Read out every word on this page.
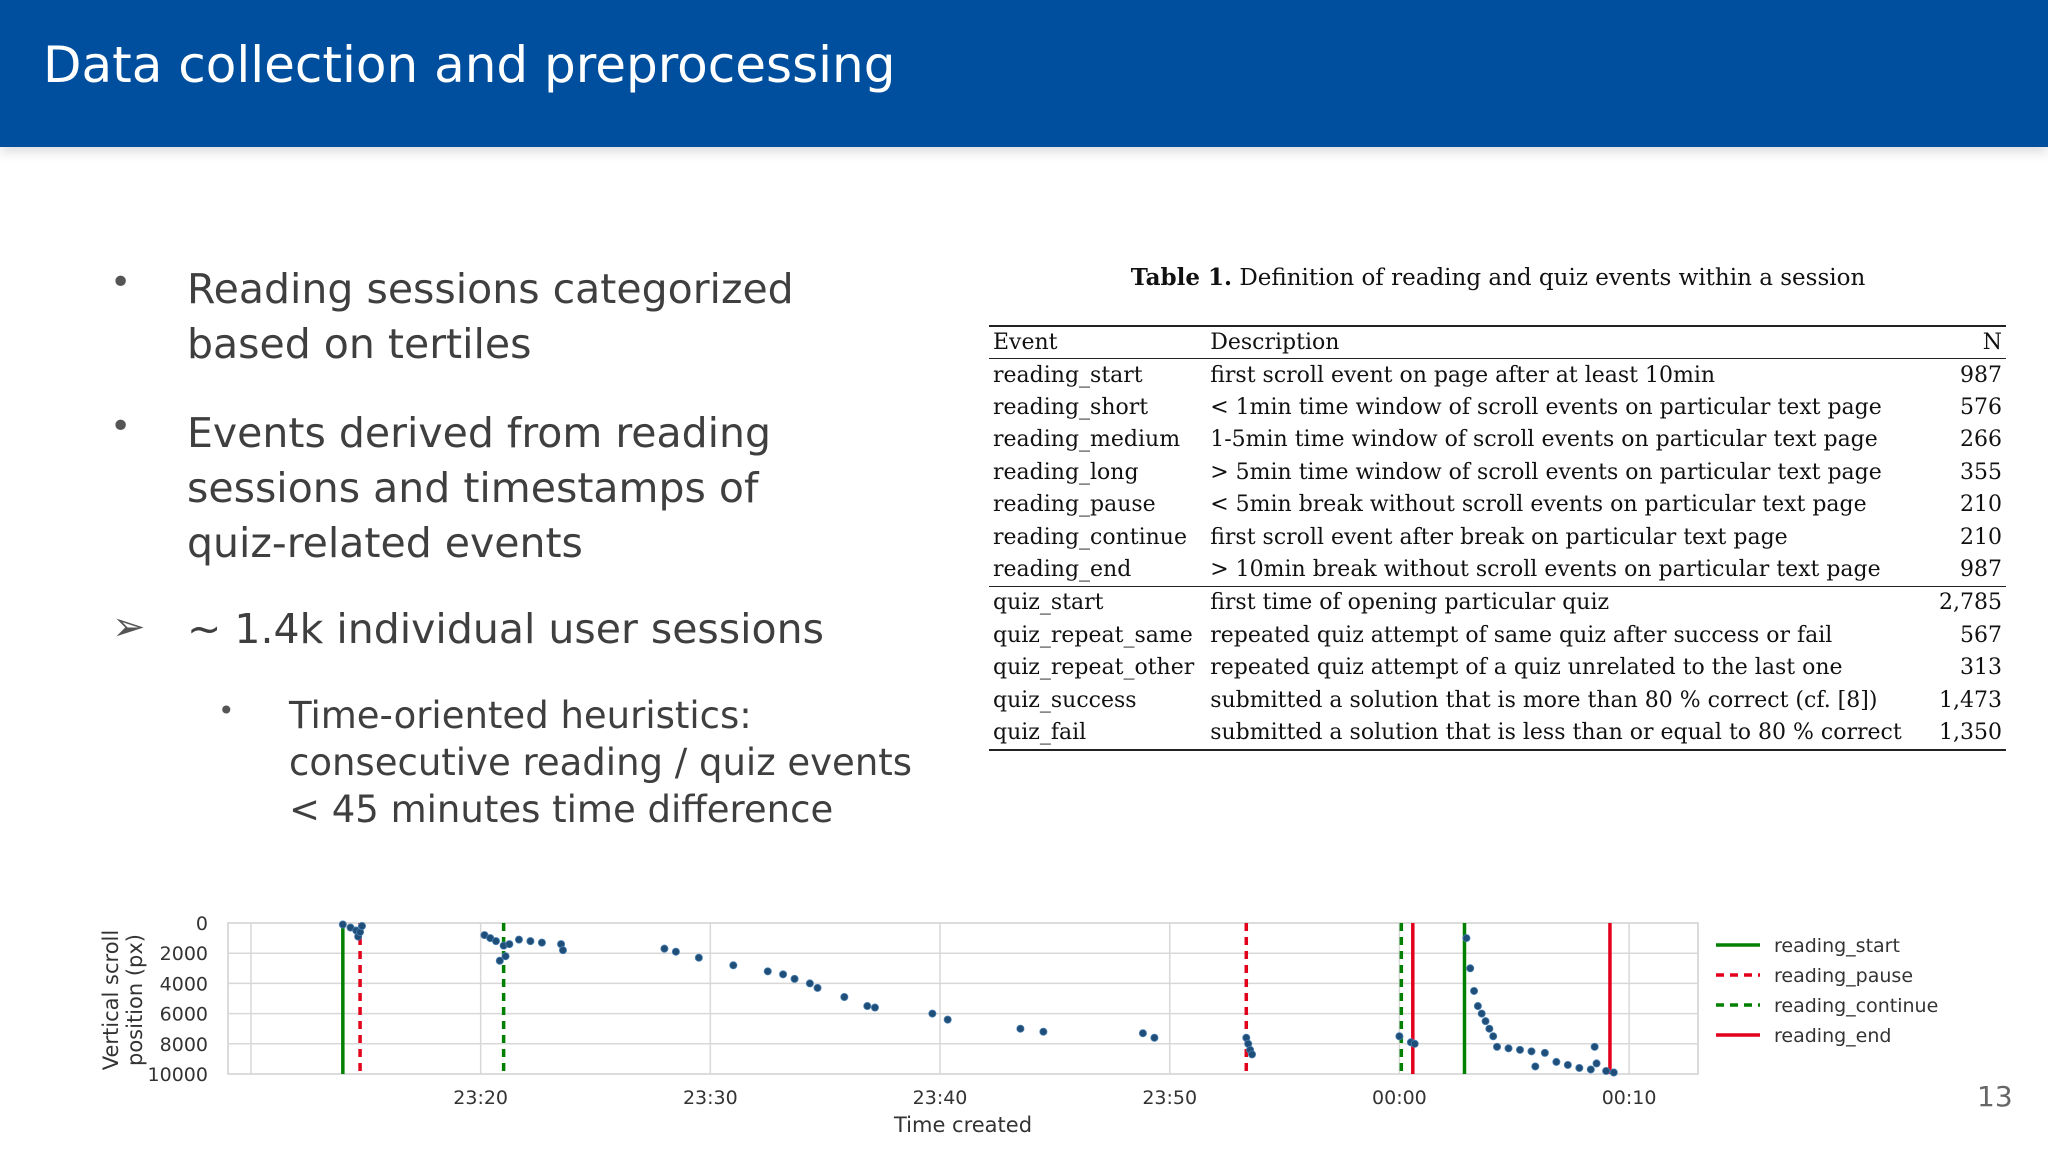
Data collection and preprocessing
• Reading sessions categorized
based on tertiles
• Events derived from reading
sessions and timestamps of
quiz-related events
➢ ~ 1.4k individual user sessions
• Time-oriented heuristics:
consecutive reading / quiz events
< 45 minutes time difference
Table 1. Definition of reading and quiz events within a session
Event	Description	N
reading_start	first scroll event on page after at least 10min	987
reading_short	< 1min time window of scroll events on particular text page	576
reading_medium	1-5min time window of scroll events on particular text page	266
reading_long	> 5min time window of scroll events on particular text page	355
reading_pause	< 5min break without scroll events on particular text page	210
reading_continue	first scroll event after break on particular text page	210
reading_end	> 10min break without scroll events on particular text page	987
quiz_start	first time of opening particular quiz	2,785
quiz_repeat_same	repeated quiz attempt of same quiz after success or fail	567
quiz_repeat_other	repeated quiz attempt of a quiz unrelated to the last one	313
quiz_success	submitted a solution that is more than 80 % correct (cf. [8])	1,473
quiz_fail	submitted a solution that is less than or equal to 80 % correct	1,350
0
2000
4000
6000
8000
10000
23:20	23:30	23:40	23:50	00:00	00:10
Time created
Vertical scroll position (px)	reading_start
reading_pause
reading_continue
reading_end
13
